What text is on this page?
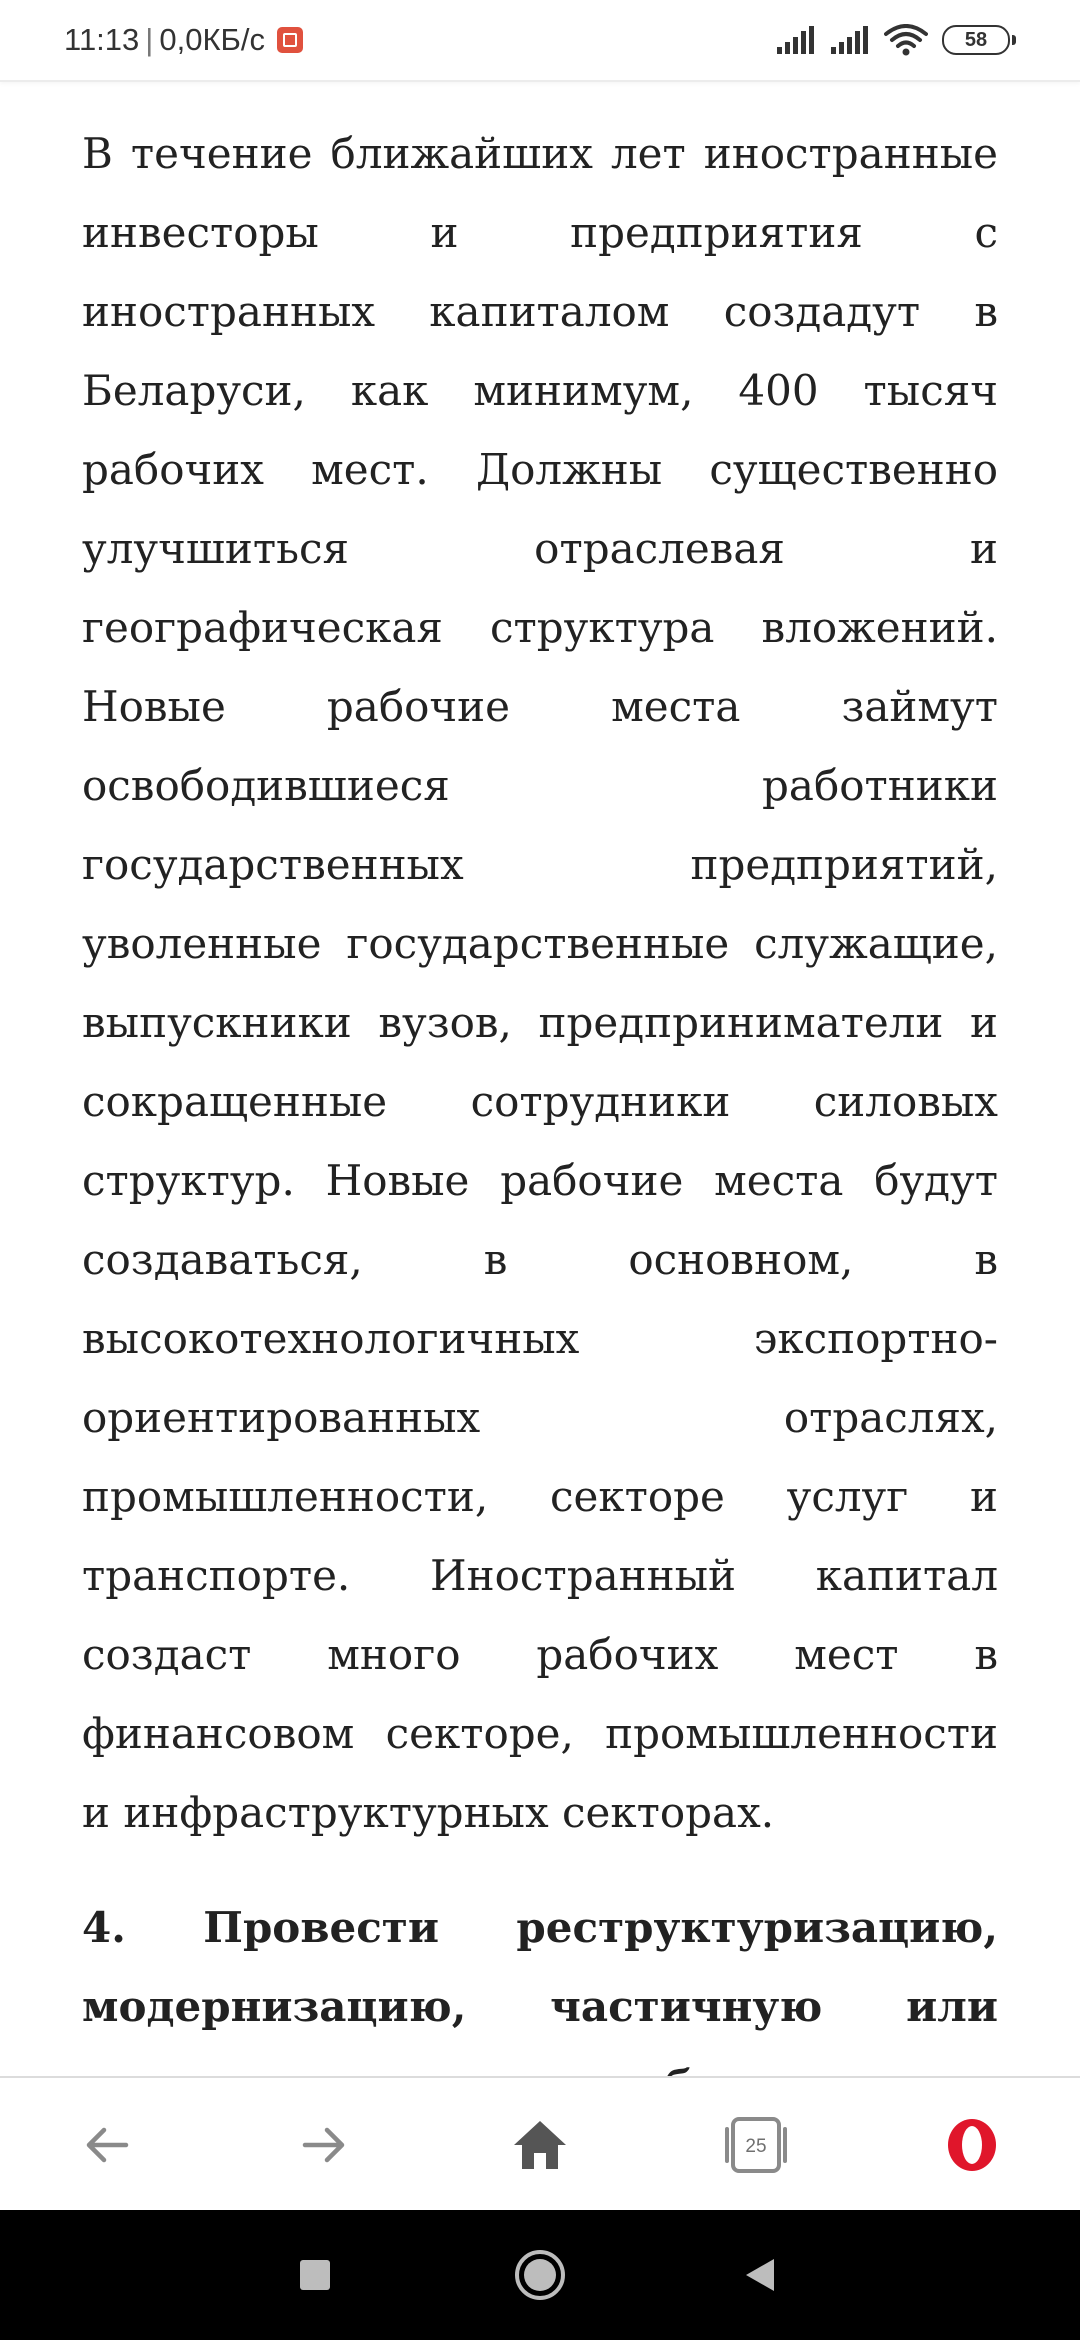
11:13 | 0,0КБ/с	58

В течение ближайших лет иностранные инвесторы и предприятия с иностранных капиталом создадут в Беларуси, как минимум, 400 тысяч рабочих мест. Должны существенно улучшиться отраслевая и географическая структура вложений. Новые рабочие места займут освободившиеся работники государственных предприятий, уволенные государственные служащие, выпускники вузов, предприниматели и сокращенные сотрудники силовых структур. Новые рабочие места будут создаваться, в основном, в высокотехнологичных экспортно-ориентированных отраслях, промышленности, секторе услуг и транспорте. Иностранный капитал создаст много рабочих мест в финансовом секторе, промышленности и инфраструктурных секторах.

4. Провести реструктуризацию, модернизацию, частичную или

25
